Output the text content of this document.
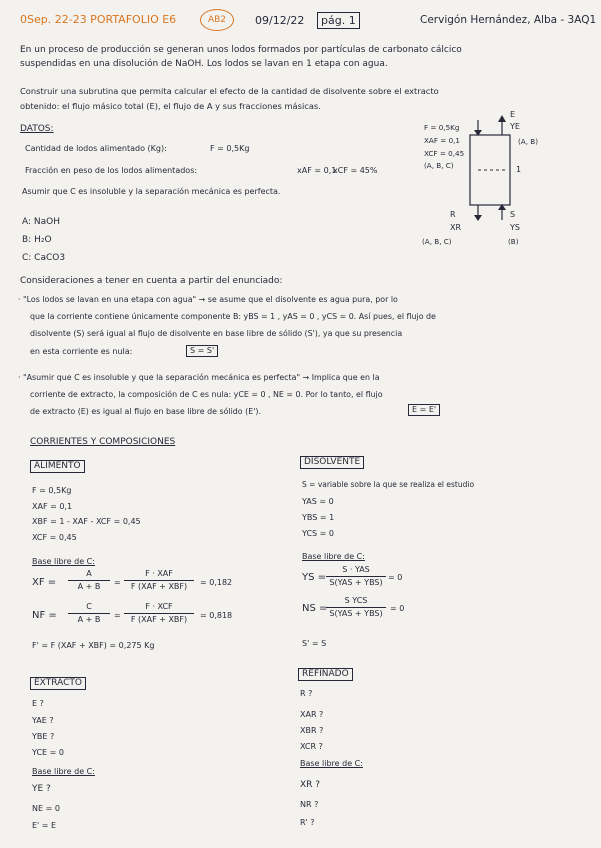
0Sep. 22-23 PORTAFOLIO E6	AB2	09/12/22	pág. 1	Cervigón Hernández, Alba - 3AQ1
En un proceso de producción se generan unos lodos formados por partículas de carbonato cálcico
suspendidas en una disolución de NaOH. Los lodos se lavan en 1 etapa con agua.
Construir una subrutina que permita calcular el efecto de la cantidad de disolvente sobre el extracto
obtenido: el flujo másico total (E), el flujo de A y sus fracciones másicas.
DATOS:
Cantidad de lodos alimentado (Kg):	F = 0,5Kg
Fracción en peso de los lodos alimentados:	xAF = 0,1
xCF = 45%
Asumir que C es insoluble y la separación mecánica es perfecta.
A: NaOH
B: H₂O
C: CaCO3
F = 0,5Kg
XAF = 0,1
XCF = 0,45
(A, B, C)
E
YE
(A, B)
1
R
XR
(A, B, C)
S
YS
(B)
Consideraciones a tener en cuenta a partir del enunciado:
· "Los lodos se lavan en una etapa con agua" → se asume que el disolvente es agua pura, por lo
que la corriente contiene únicamente componente B: yBS = 1 , yAS = 0 , yCS = 0. Así pues, el flujo de
disolvente (S) será igual al flujo de disolvente en base libre de sólido (S'), ya que su presencia
en esta corriente es nula:	S = S'
· "Asumir que C es insoluble y que la separación mecánica es perfecta" → Implica que en la
corriente de extracto, la composición de C es nula: yCE = 0 , NE = 0. Por lo tanto, el flujo
de extracto (E) es igual al flujo en base libre de sólido (E').	E = E'
CORRIENTES Y COMPOSICIONES
ALIMENTO
F = 0,5Kg
XAF = 0,1
XBF = 1 - XAF - XCF = 0,45
XCF = 0,45
Base libre de C:
XF = $\frac{A}{A + B}$ =
F · XAF
F (XAF + XBF)	= 0,182
NF = $\frac{C}{A + B}$ =
F · XCF
F (XAF + XBF)	= 0,818
F' = F (XAF + XBF) = 0,275 Kg
DISOLVENTE
S = variable sobre la que se realiza el estudio
YAS = 0
YBS = 1
YCS = 0
Base libre de C:
YS =
S · YAS
S(YAS + YBS)
= 0
NS =
S YCS
S(YAS + YBS)
= 0
S' = S
EXTRACTO
E ?
YAE ?
YBE ?
YCE = 0
Base libre de C:
YE ?
NE = 0
E' = E
REFINADO
R ?
XAR ?
XBR ?
XCR ?
Base libre de C:
XR ?
NR ?
R' ?
